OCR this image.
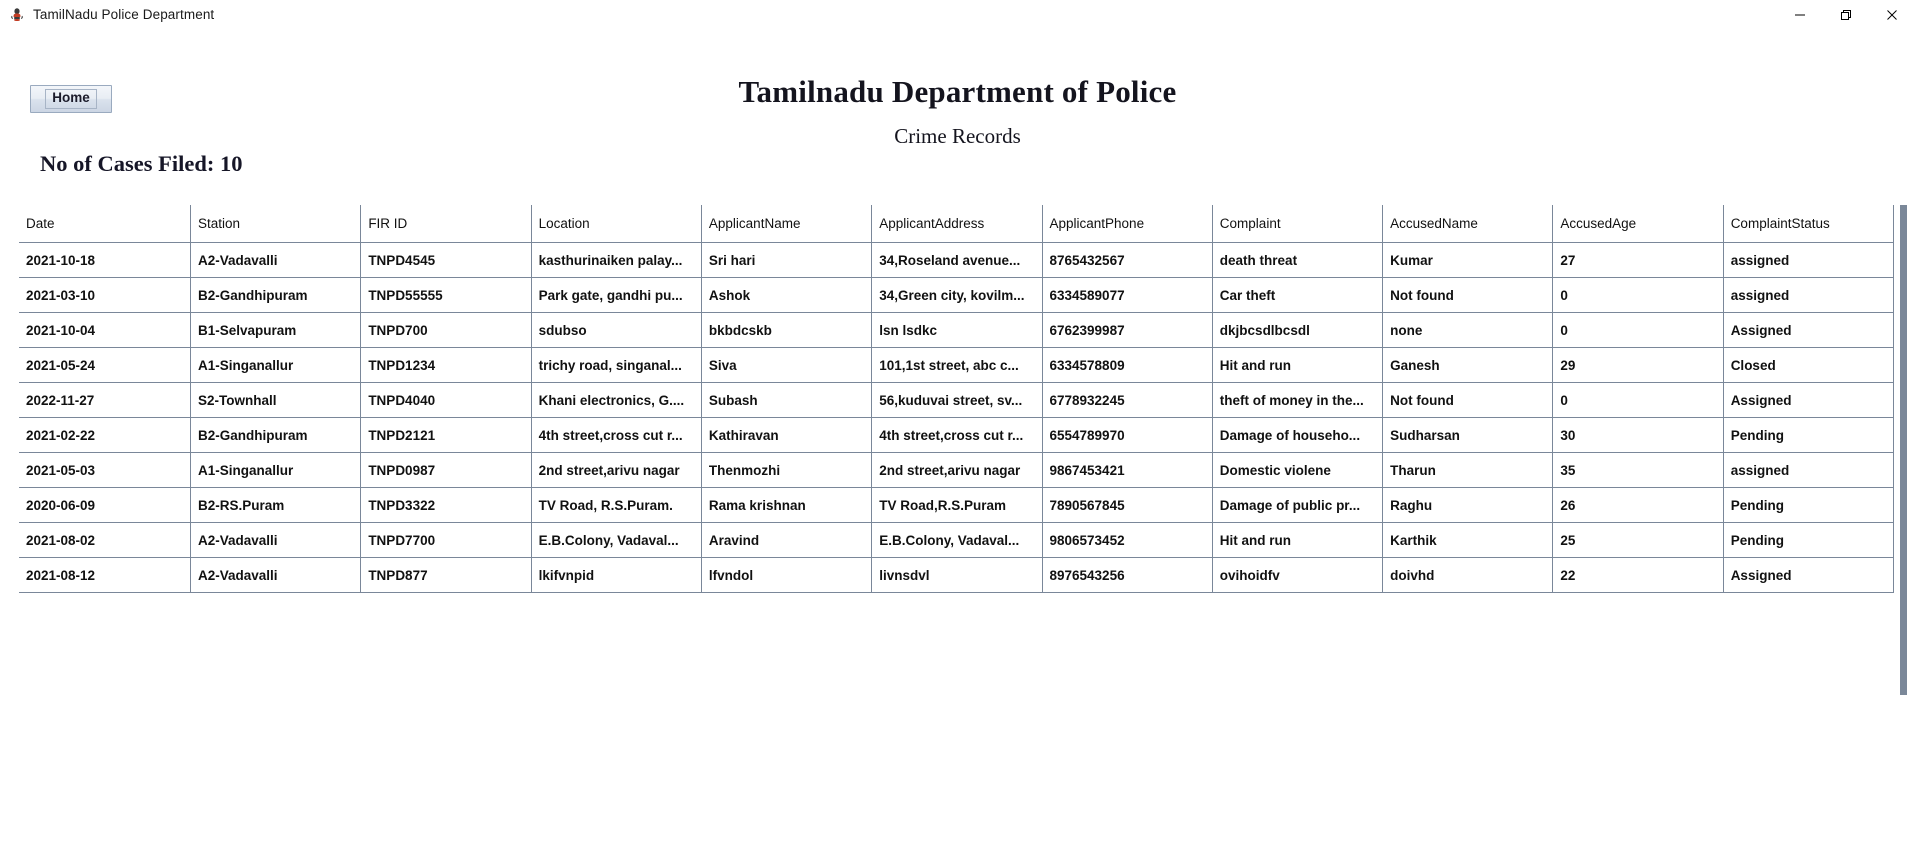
TamilNadu Police Department
Home	Tamilnadu Department of Police
Crime Records
No of Cases Filed: 10
Date	Station	FIR ID	Location	ApplicantName	ApplicantAddress	ApplicantPhone	Complaint	AccusedName	AccusedAge	ComplaintStatus
2021-10-18	A2-Vadavalli	TNPD4545	kasthurinaiken palay...	Sri hari	34,Roseland avenue...	8765432567	death threat	Kumar	27	assigned
2021-03-10	B2-Gandhipuram	TNPD55555	Park gate, gandhi pu...	Ashok	34,Green city, kovilm...	6334589077	Car theft	Not found	0	assigned
2021-10-04	B1-Selvapuram	TNPD700	sdubso	bkbdcskb	lsn lsdkc	6762399987	dkjbcsdlbcsdl	none	0	Assigned
2021-05-24	A1-Singanallur	TNPD1234	trichy road, singanal...	Siva	101,1st street, abc c...	6334578809	Hit and run	Ganesh	29	Closed
2022-11-27	S2-Townhall	TNPD4040	Khani electronics, G....	Subash	56,kuduvai street, sv...	6778932245	theft of money in the...	Not found	0	Assigned
2021-02-22	B2-Gandhipuram	TNPD2121	4th street,cross cut r...	Kathiravan	4th street,cross cut r...	6554789970	Damage of househo...	Sudharsan	30	Pending
2021-05-03	A1-Singanallur	TNPD0987	2nd street,arivu nagar	Thenmozhi	2nd street,arivu nagar	9867453421	Domestic violene	Tharun	35	assigned
2020-06-09	B2-RS.Puram	TNPD3322	TV Road, R.S.Puram.	Rama krishnan	TV Road,R.S.Puram	7890567845	Damage of public pr...	Raghu	26	Pending
2021-08-02	A2-Vadavalli	TNPD7700	E.B.Colony, Vadaval...	Aravind	E.B.Colony, Vadaval...	9806573452	Hit and run	Karthik	25	Pending
2021-08-12	A2-Vadavalli	TNPD877	lkifvnpid	lfvndol	livnsdvl	8976543256	ovihoidfv	doivhd	22	Assigned
